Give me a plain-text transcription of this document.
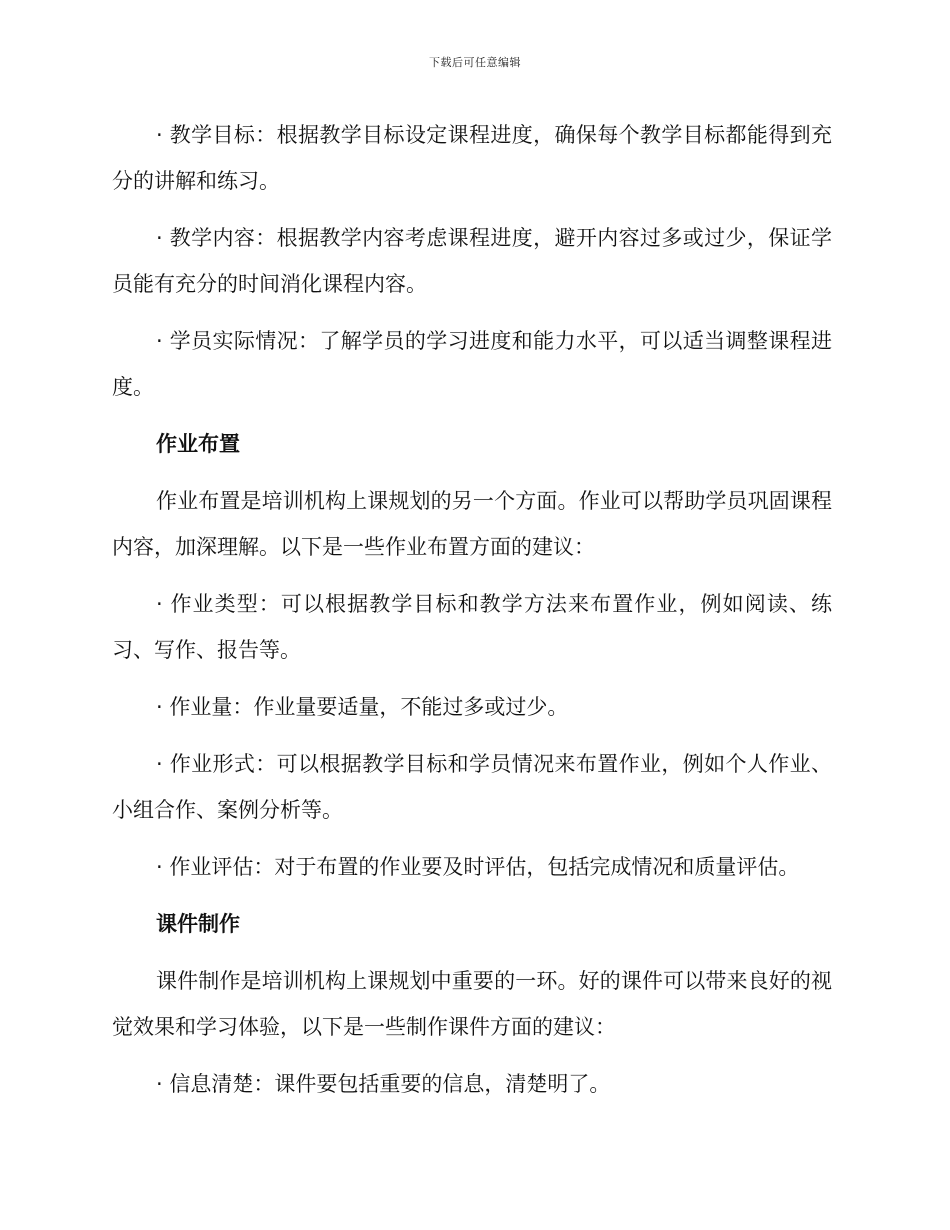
下载后可任意编辑

· 教学目标：根据教学目标设定课程进度，确保每个教学目标都能得到充分的讲解和练习。

· 教学内容：根据教学内容考虑课程进度，避开内容过多或过少，保证学员能有充分的时间消化课程内容。

· 学员实际情况：了解学员的学习进度和能力水平，可以适当调整课程进度。

作业布置

作业布置是培训机构上课规划的另一个方面。作业可以帮助学员巩固课程内容，加深理解。以下是一些作业布置方面的建议：

· 作业类型：可以根据教学目标和教学方法来布置作业，例如阅读、练习、写作、报告等。

· 作业量：作业量要适量，不能过多或过少。

· 作业形式：可以根据教学目标和学员情况来布置作业，例如个人作业、小组合作、案例分析等。

· 作业评估：对于布置的作业要及时评估，包括完成情况和质量评估。

课件制作

课件制作是培训机构上课规划中重要的一环。好的课件可以带来良好的视觉效果和学习体验，以下是一些制作课件方面的建议：

· 信息清楚：课件要包括重要的信息，清楚明了。
